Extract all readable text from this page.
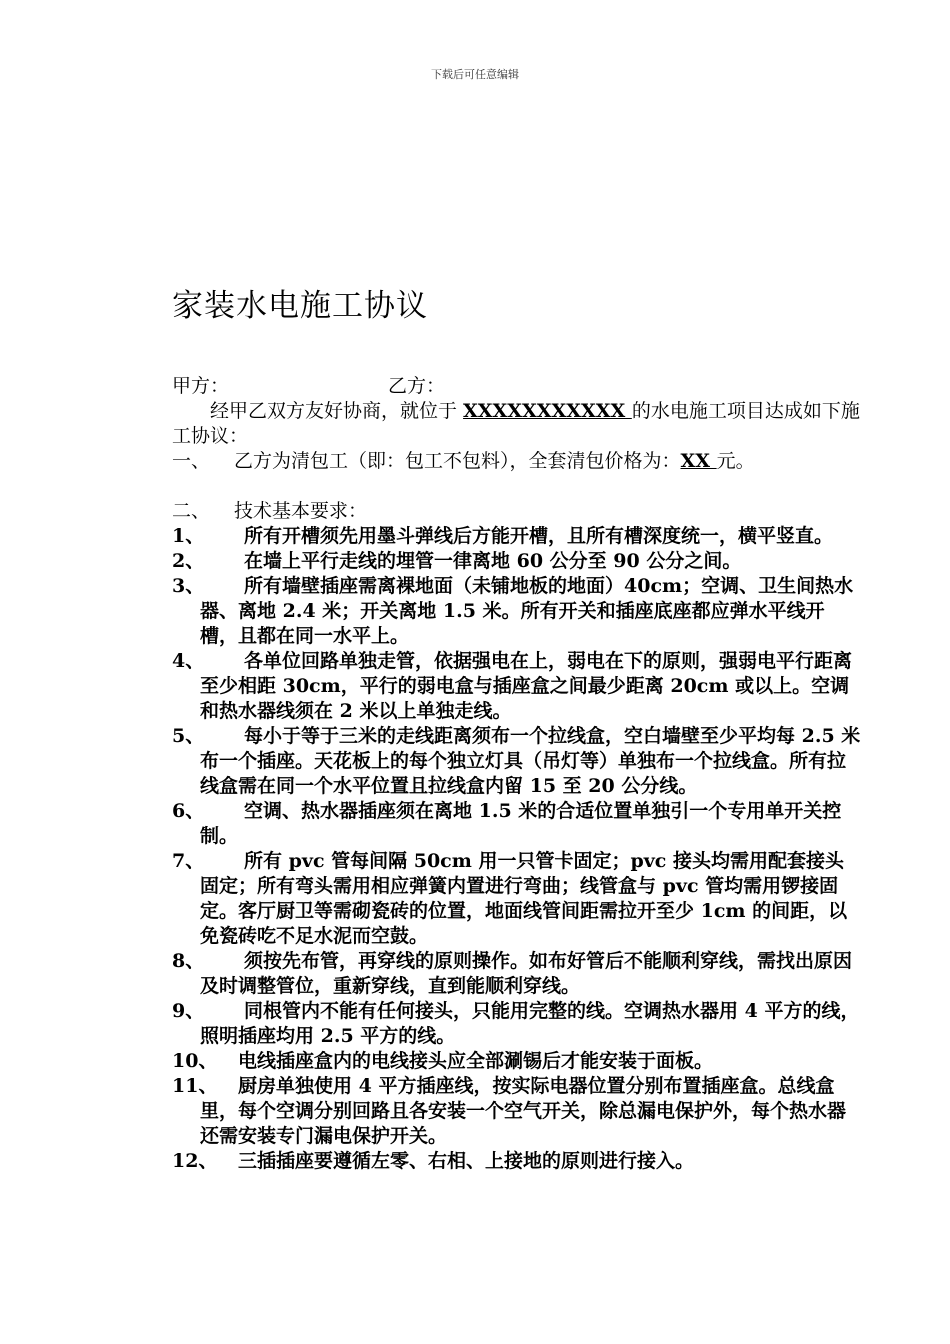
下载后可任意编辑
家装水电施工协议
甲方：	乙方：
经甲乙双方友好协商，就位于 XXXXXXXXXXX 的水电施工项目达成如下施工协议：
一、	乙方为清包工（即：包工不包料），全套清包价格为：XX 元。
二、	技术基本要求：
1、	所有开槽须先用墨斗弹线后方能开槽，且所有槽深度统一，横平竖直。
2、	在墙上平行走线的埋管一律离地 60 公分至 90 公分之间。
3、	所有墙壁插座需离裸地面（未铺地板的地面）40cm；空调、卫生间热水器、离地 2.4 米；开关离地 1.5 米。所有开关和插座底座都应弹水平线开槽，且都在同一水平上。
4、	各单位回路单独走管，依据强电在上，弱电在下的原则，强弱电平行距离至少相距 30cm，平行的弱电盒与插座盒之间最少距离 20cm 或以上。空调和热水器线须在 2 米以上单独走线。
5、	每小于等于三米的走线距离须布一个拉线盒，空白墙壁至少平均每 2.5 米布一个插座。天花板上的每个独立灯具（吊灯等）单独布一个拉线盒。所有拉线盒需在同一个水平位置且拉线盒内留 15 至 20 公分线。
6、	空调、热水器插座须在离地 1.5 米的合适位置单独引一个专用单开关控制。
7、	所有 pvc 管每间隔 50cm 用一只管卡固定；pvc 接头均需用配套接头固定；所有弯头需用相应弹簧内置进行弯曲；线管盒与 pvc 管均需用锣接固定。客厅厨卫等需砌瓷砖的位置，地面线管间距需拉开至少 1cm 的间距，以免瓷砖吃不足水泥而空鼓。
8、	须按先布管，再穿线的原则操作。如布好管后不能顺利穿线，需找出原因及时调整管位，重新穿线，直到能顺利穿线。
9、	同根管内不能有任何接头，只能用完整的线。空调热水器用 4 平方的线，照明插座均用 2.5 平方的线。
10、	电线插座盒内的电线接头应全部涮锡后才能安装于面板。
11、	厨房单独使用 4 平方插座线，按实际电器位置分别布置插座盒。总线盒里，每个空调分别回路且各安装一个空气开关，除总漏电保护外，每个热水器还需安装专门漏电保护开关。
12、	三插插座要遵循左零、右相、上接地的原则进行接入。
